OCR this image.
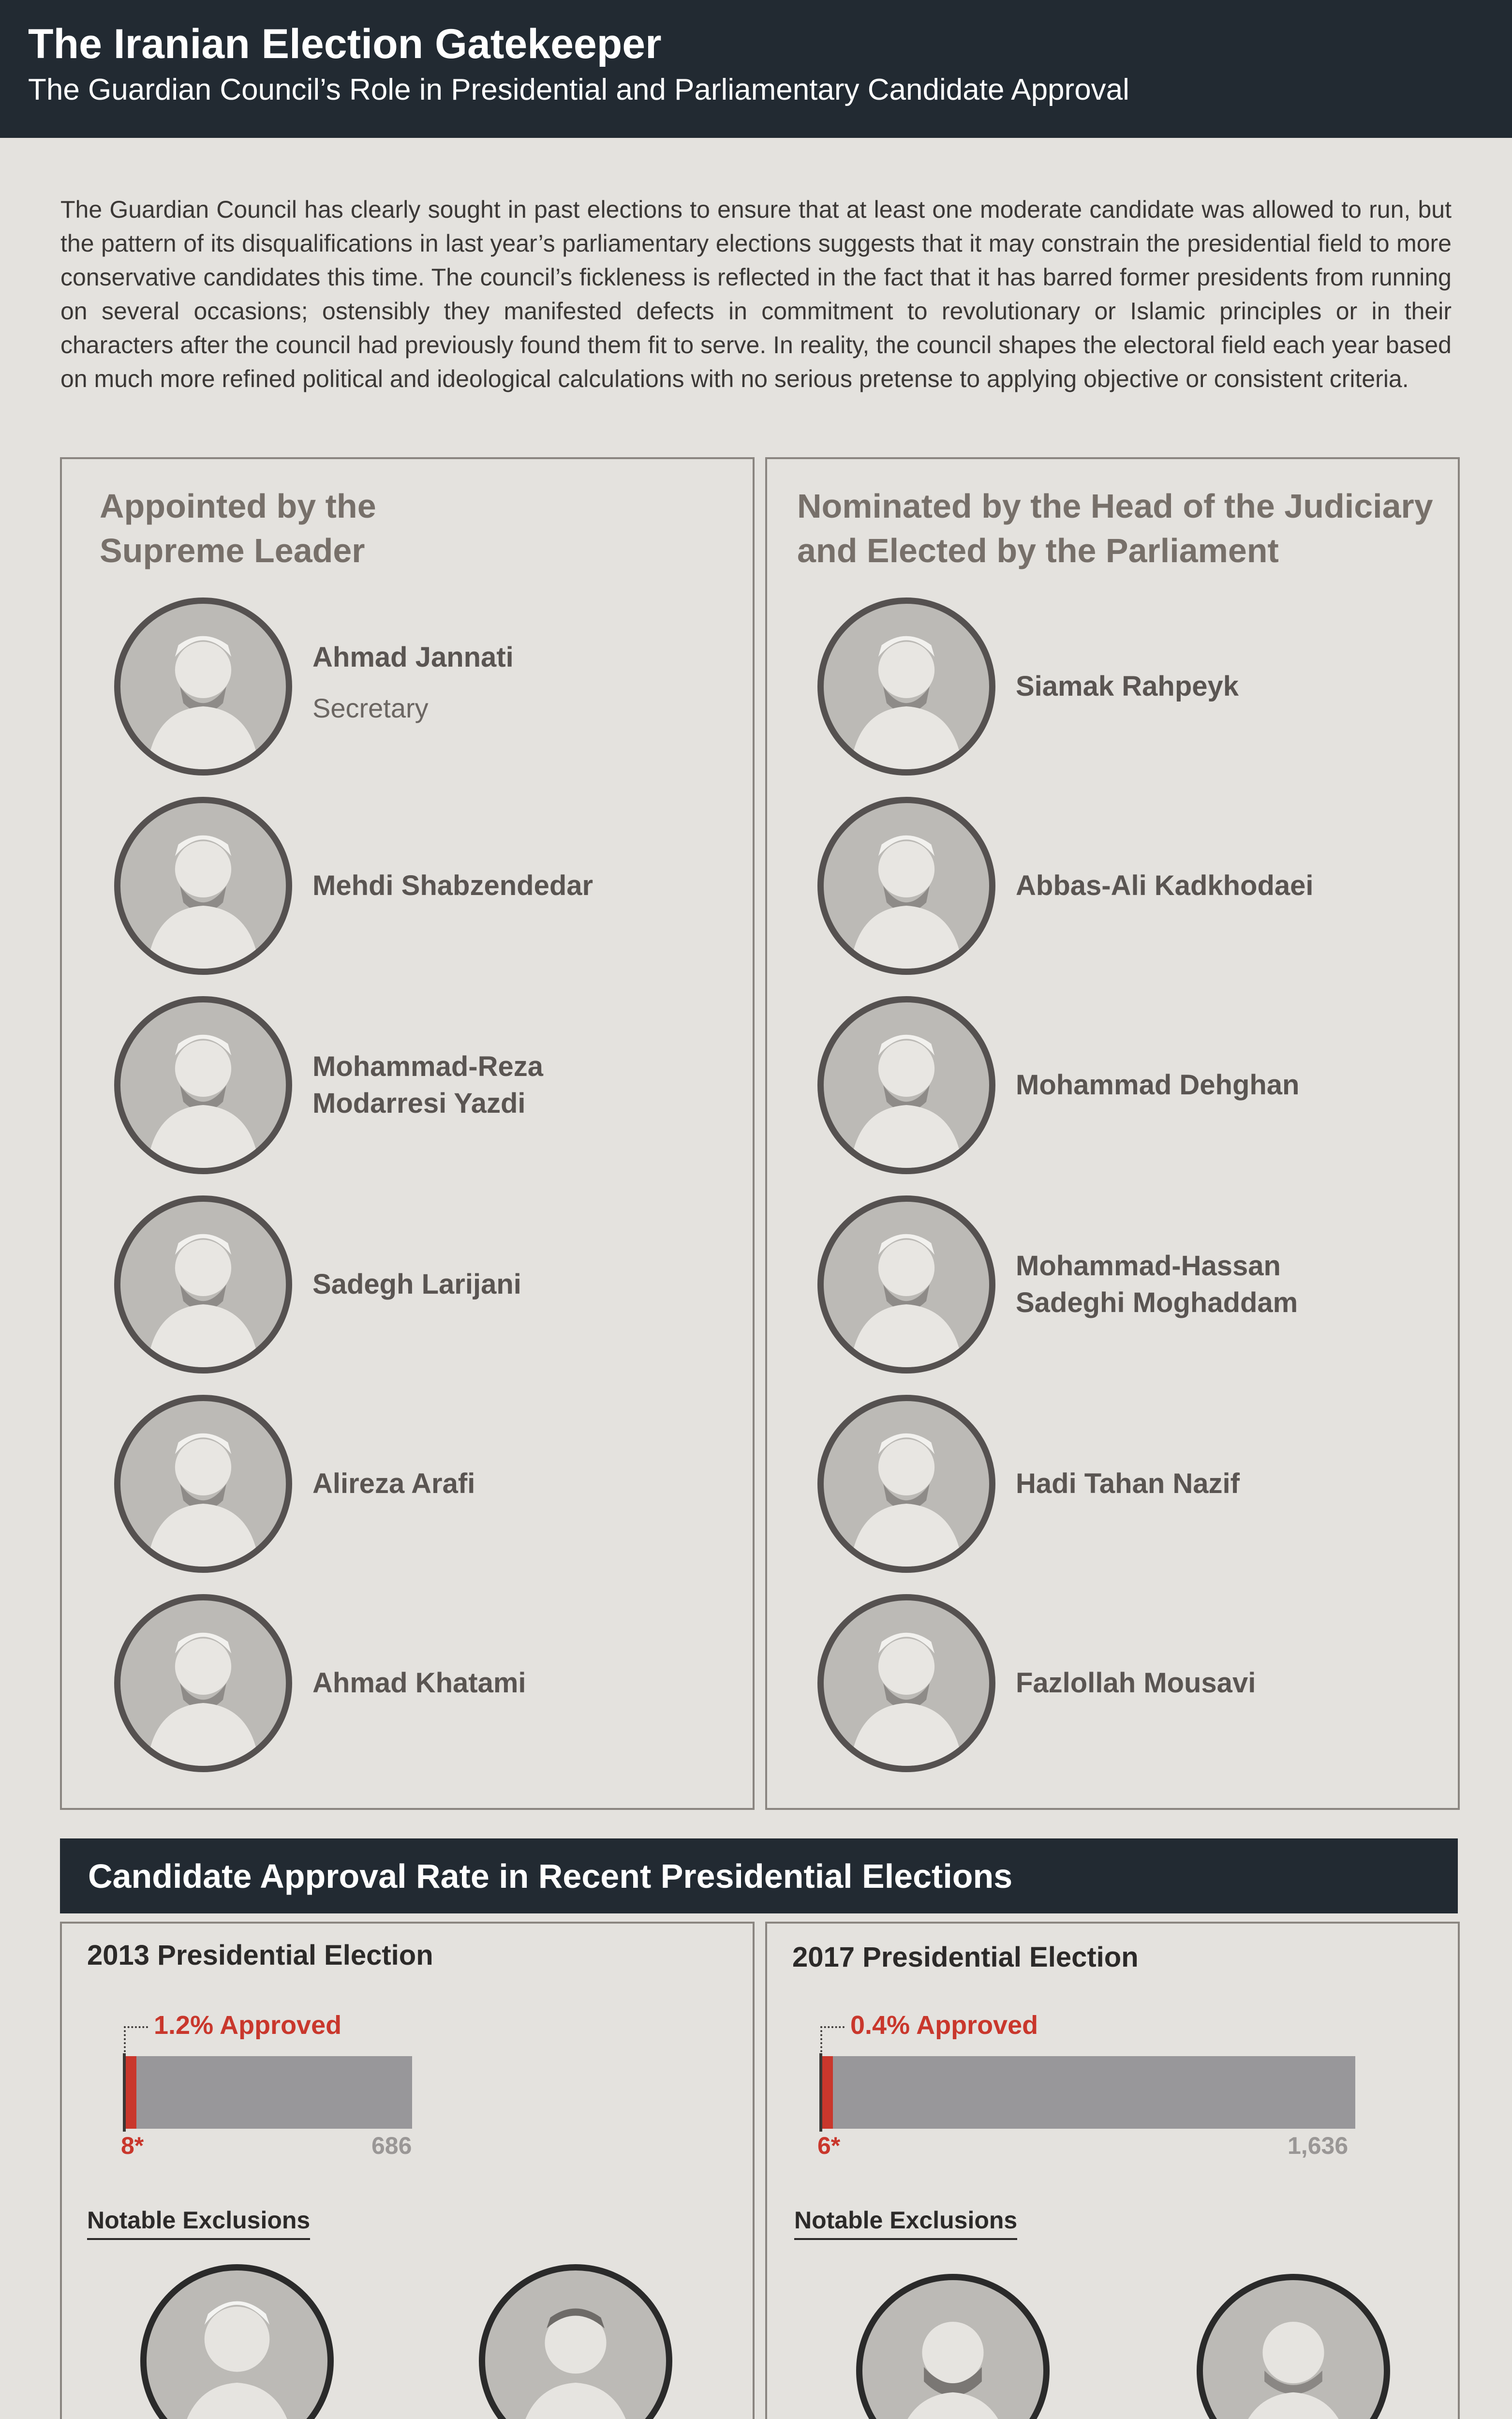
The Iranian Election Gatekeeper
The Guardian Council’s Role in Presidential and Parliamentary Candidate Approval
The Guardian Council has clearly sought in past elections to ensure that at least one moderate candidate was allowed to run, but the pattern of its disqualifications in last year’s parliamentary elections suggests that it may constrain the presidential field to more conservative candidates this time. The council’s fickleness is reflected in the fact that it has barred former presidents from running on several occasions; ostensibly they manifested defects in commitment to revolutionary or Islamic principles or in their characters after the council had previously found them fit to serve. In reality, the council shapes the electoral field each year based on much more refined political and ideological calculations with no serious pretense to applying objective or consistent criteria.
Appointed by the
Supreme Leader
Nominated by the Head of the Judiciary
and Elected by the Parliament
Ahmad Jannati
Secretary
Mehdi Shabzendedar
Mohammad-Reza
Modarresi Yazdi
Sadegh Larijani
Alireza Arafi
Ahmad Khatami
Siamak Rahpeyk
Abbas-Ali Kadkhodaei
Mohammad Dehghan
Mohammad-Hassan
Sadeghi Moghaddam
Hadi Tahan Nazif
Fazlollah Mousavi
Candidate Approval Rate in Recent Presidential Elections
2013 Presidential Election	2017 Presidential Election
Notable Exclusions	Notable Exclusions
686
8*
1.2% Approved
1,636
6*
0.4% Approved
